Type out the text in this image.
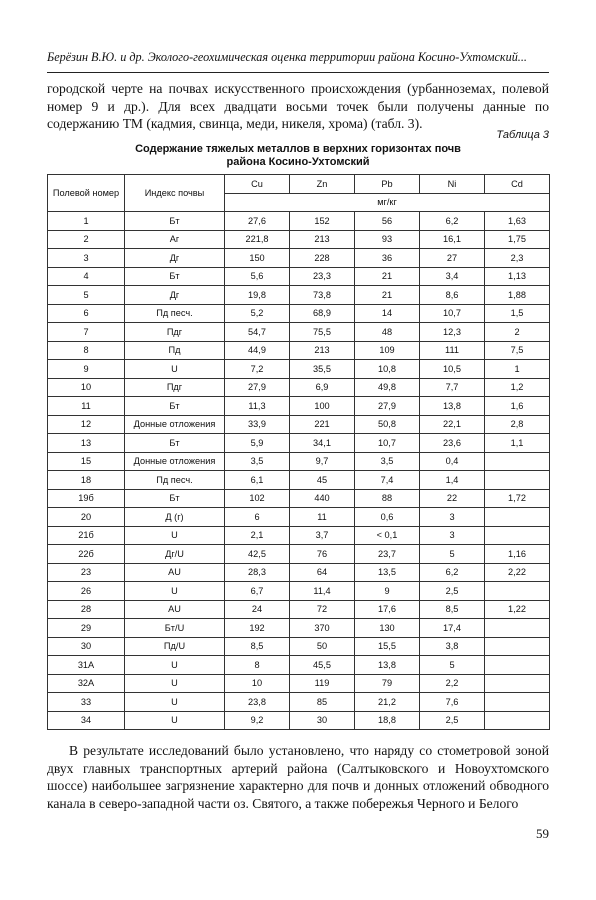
Берёзин В.Ю. и др. Эколого-геохимическая оценка территории района Косино-Ухтомский...

городской черте на почвах искусственного происхождения (урбанноземах, полевой номер 9 и др.). Для всех двадцати восьми точек были получены данные по содержанию ТМ (кадмия, свинца, меди, никеля, хрома) (табл. 3).

Таблица 3
Содержание тяжелых металлов в верхних горизонтах почв
района Косино-Ухтомский
Полевой номер	Индекс почвы	Cu	Zn	Pb	Ni	Cd
		мг/кг				
1	Бт	27,6	152	56	6,2	1,63
2	Аг	221,8	213	93	16,1	1,75
3	Дг	150	228	36	27	2,3
4	Бт	5,6	23,3	21	3,4	1,13
5	Дг	19,8	73,8	21	8,6	1,88
6	Пд песч.	5,2	68,9	14	10,7	1,5
7	Пдг	54,7	75,5	48	12,3	2
8	Пд	44,9	213	109	111	7,5
9	U	7,2	35,5	10,8	10,5	1
10	Пдг	27,9	6,9	49,8	7,7	1,2
11	Бт	11,3	100	27,9	13,8	1,6
12	Донные отложения	33,9	221	50,8	22,1	2,8
13	Бт	5,9	34,1	10,7	23,6	1,1
15	Донные отложения	3,5	9,7	3,5	0,4	
18	Пд песч.	6,1	45	7,4	1,4	
19б	Бт	102	440	88	22	1,72
20	Д (г)	6	11	0,6	3	
21б	U	2,1	3,7	< 0,1	3	
22б	Дг/U	42,5	76	23,7	5	1,16
23	AU	28,3	64	13,5	6,2	2,22
26	U	6,7	11,4	9	2,5	
28	AU	24	72	17,6	8,5	1,22
29	Бт/U	192	370	130	17,4	
30	Пд/U	8,5	50	15,5	3,8	
31А	U	8	45,5	13,8	5	
32А	U	10	119	79	2,2	
33	U	23,8	85	21,2	7,6	
34	U	9,2	30	18,8	2,5	

В результате исследований было установлено, что наряду со стометровой зоной двух главных транспортных артерий района (Салтыковского и Новоухтомского шоссе) наибольшее загрязнение характерно для почв и донных отложений обводного канала в северо-западной части оз. Святого, а также побережья Черного и Белого

59
